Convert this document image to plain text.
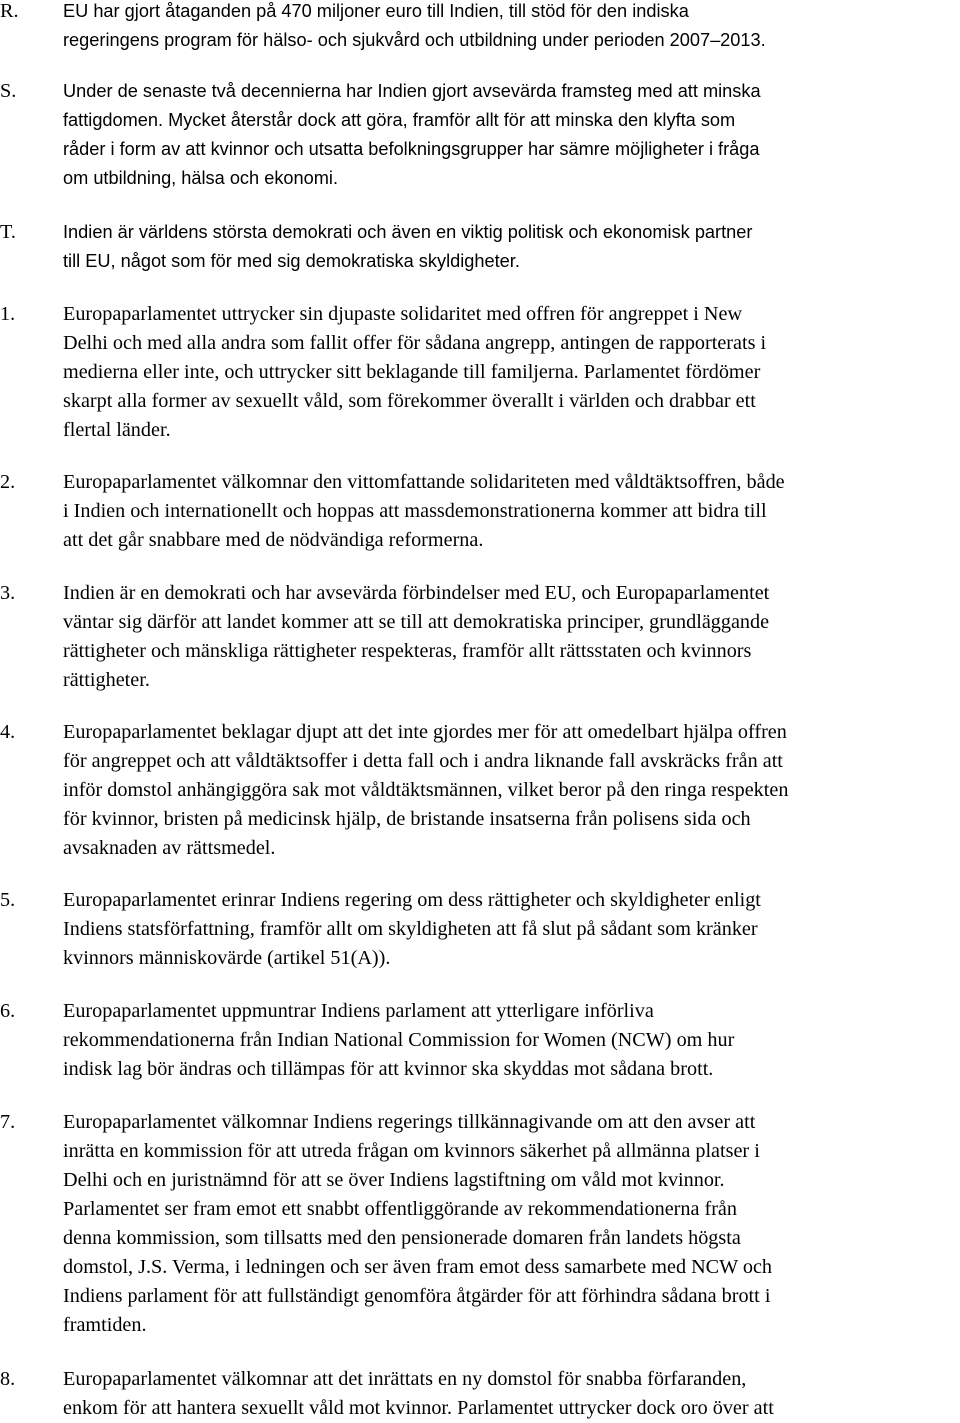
R.	EU har gjort åtaganden på 470 miljoner euro till Indien, till stöd för den indiska
regeringens program för hälso- och sjukvård och utbildning under perioden 2007–2013.
S.	Under de senaste två decennierna har Indien gjort avsevärda framsteg med att minska
fattigdomen. Mycket återstår dock att göra, framför allt för att minska den klyfta som
råder i form av att kvinnor och utsatta befolkningsgrupper har sämre möjligheter i fråga
om utbildning, hälsa och ekonomi.
T.	Indien är världens största demokrati och även en viktig politisk och ekonomisk partner
till EU, något som för med sig demokratiska skyldigheter.
1.	Europaparlamentet uttrycker sin djupaste solidaritet med offren för angreppet i New
Delhi och med alla andra som fallit offer för sådana angrepp, antingen de rapporterats i
medierna eller inte, och uttrycker sitt beklagande till familjerna. Parlamentet fördömer
skarpt alla former av sexuellt våld, som förekommer överallt i världen och drabbar ett
flertal länder.
2.	Europaparlamentet välkomnar den vittomfattande solidariteten med våldtäktsoffren, både
i Indien och internationellt och hoppas att massdemonstrationerna kommer att bidra till
att det går snabbare med de nödvändiga reformerna.
3.	Indien är en demokrati och har avsevärda förbindelser med EU, och Europaparlamentet
väntar sig därför att landet kommer att se till att demokratiska principer, grundläggande
rättigheter och mänskliga rättigheter respekteras, framför allt rättsstaten och kvinnors
rättigheter.
4.	Europaparlamentet beklagar djupt att det inte gjordes mer för att omedelbart hjälpa offren
för angreppet och att våldtäktsoffer i detta fall och i andra liknande fall avskräcks från att
inför domstol anhängiggöra sak mot våldtäktsmännen, vilket beror på den ringa respekten
för kvinnor, bristen på medicinsk hjälp, de bristande insatserna från polisens sida och
avsaknaden av rättsmedel.
5.	Europaparlamentet erinrar Indiens regering om dess rättigheter och skyldigheter enligt
Indiens statsförfattning, framför allt om skyldigheten att få slut på sådant som kränker
kvinnors människovärde (artikel 51(A)).
6.	Europaparlamentet uppmuntrar Indiens parlament att ytterligare införliva
rekommendationerna från Indian National Commission for Women (NCW) om hur
indisk lag bör ändras och tillämpas för att kvinnor ska skyddas mot sådana brott.
7.	Europaparlamentet välkomnar Indiens regerings tillkännagivande om att den avser att
inrätta en kommission för att utreda frågan om kvinnors säkerhet på allmänna platser i
Delhi och en juristnämnd för att se över Indiens lagstiftning om våld mot kvinnor.
Parlamentet ser fram emot ett snabbt offentliggörande av rekommendationerna från
denna kommission, som tillsatts med den pensionerade domaren från landets högsta
domstol, J.S. Verma, i ledningen och ser även fram emot dess samarbete med NCW och
Indiens parlament för att fullständigt genomföra åtgärder för att förhindra sådana brott i
framtiden.
8.	Europaparlamentet välkomnar att det inrättats en ny domstol för snabba förfaranden,
enkom för att hantera sexuellt våld mot kvinnor. Parlamentet uttrycker dock oro över att
